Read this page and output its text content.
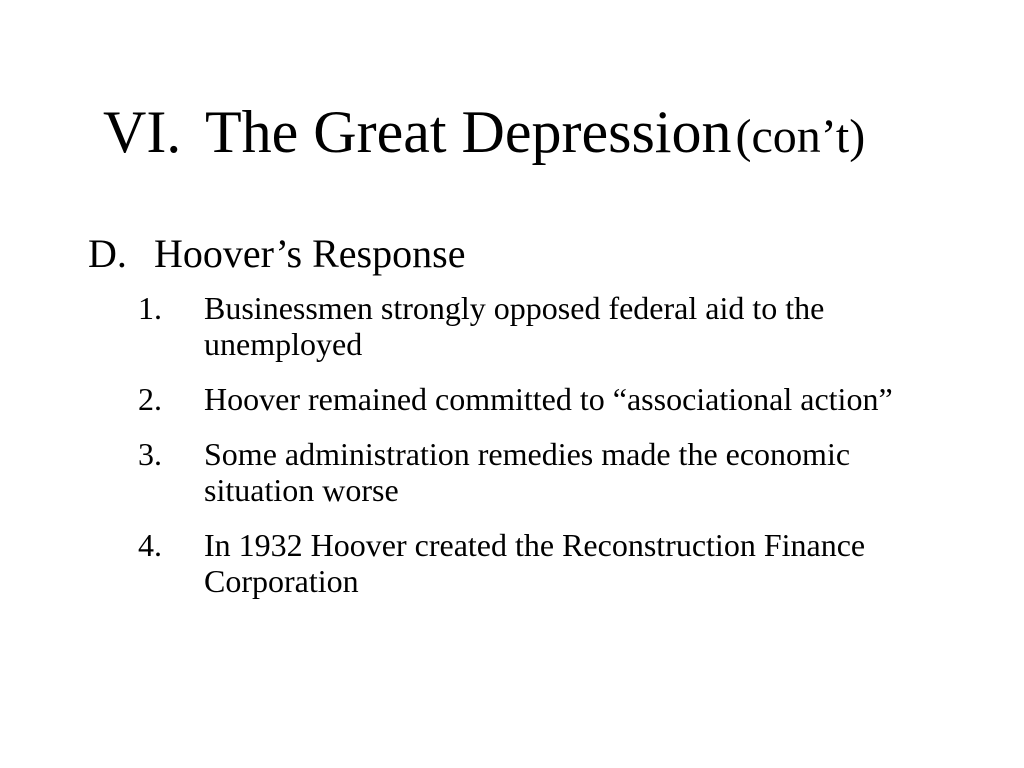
VI. The Great Depression (con’t)
D. Hoover’s Response
1. Businessmen strongly opposed federal aid to the unemployed
2. Hoover remained committed to “associational action”
3. Some administration remedies made the economic situation worse
4. In 1932 Hoover created the Reconstruction Finance Corporation
